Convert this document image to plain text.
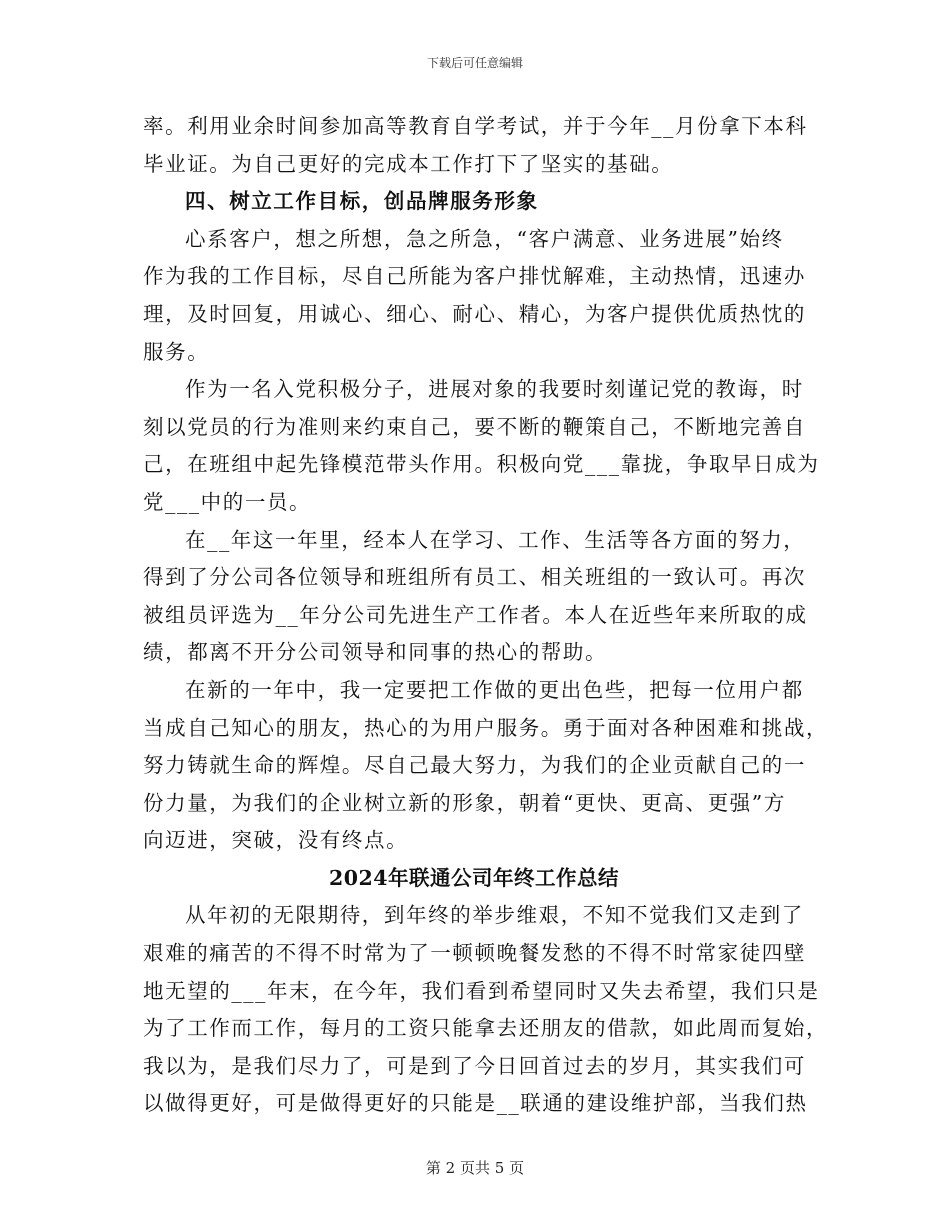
下载后可任意编辑
率。利用业余时间参加高等教育自学考试，并于今年__月份拿下本科
毕业证。为自己更好的完成本工作打下了坚实的基础。
四、树立工作目标，创品牌服务形象
心系客户，想之所想，急之所急，“客户满意、业务进展”始终
作为我的工作目标，尽自己所能为客户排忧解难，主动热情，迅速办
理，及时回复，用诚心、细心、耐心、精心，为客户提供优质热忱的
服务。
作为一名入党积极分子，进展对象的我要时刻谨记党的教诲，时
刻以党员的行为准则来约束自己，要不断的鞭策自己，不断地完善自
己，在班组中起先锋模范带头作用。积极向党___靠拢，争取早日成为
党___中的一员。
在__年这一年里，经本人在学习、工作、生活等各方面的努力，
得到了分公司各位领导和班组所有员工、相关班组的一致认可。再次
被组员评选为__年分公司先进生产工作者。本人在近些年来所取的成
绩，都离不开分公司领导和同事的热心的帮助。
在新的一年中，我一定要把工作做的更出色些，把每一位用户都
当成自己知心的朋友，热心的为用户服务。勇于面对各种困难和挑战，
努力铸就生命的辉煌。尽自己最大努力，为我们的企业贡献自己的一
份力量，为我们的企业树立新的形象，朝着“更快、更高、更强”方
向迈进，突破，没有终点。
2024年联通公司年终工作总结
从年初的无限期待，到年终的举步维艰，不知不觉我们又走到了
艰难的痛苦的不得不时常为了一顿顿晚餐发愁的不得不时常家徒四壁
地无望的___年末，在今年，我们看到希望同时又失去希望，我们只是
为了工作而工作，每月的工资只能拿去还朋友的借款，如此周而复始，
我以为，是我们尽力了，可是到了今日回首过去的岁月，其实我们可
以做得更好，可是做得更好的只能是__联通的建设维护部，当我们热
第 2 页共 5 页
